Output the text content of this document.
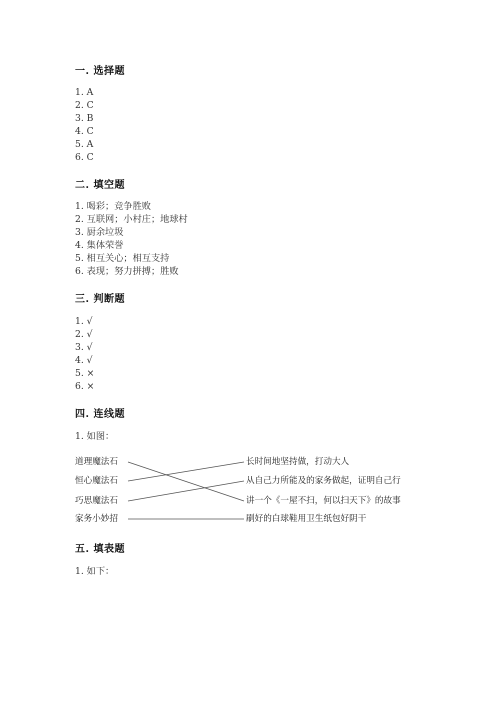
一. 选择题
1. A
2. C
3. B
4. C
5. A
6. C
二. 填空题
1. 喝彩；竞争胜败
2. 互联网；小村庄；地球村
3. 厨余垃圾
4. 集体荣誉
5. 相互关心；相互支持
6. 表现；努力拼搏；胜败
三. 判断题
1. √
2. √
3. √
4. √
5. ×
6. ×
四. 连线题
1. 如图：
道理魔法石
恒心魔法石
巧思魔法石
家务小妙招
长时间地坚持做，打动大人
从自己力所能及的家务做起，证明自己行
讲一个《一屋不扫，何以扫天下》的故事
刷好的白球鞋用卫生纸包好阴干
五. 填表题
1. 如下：
